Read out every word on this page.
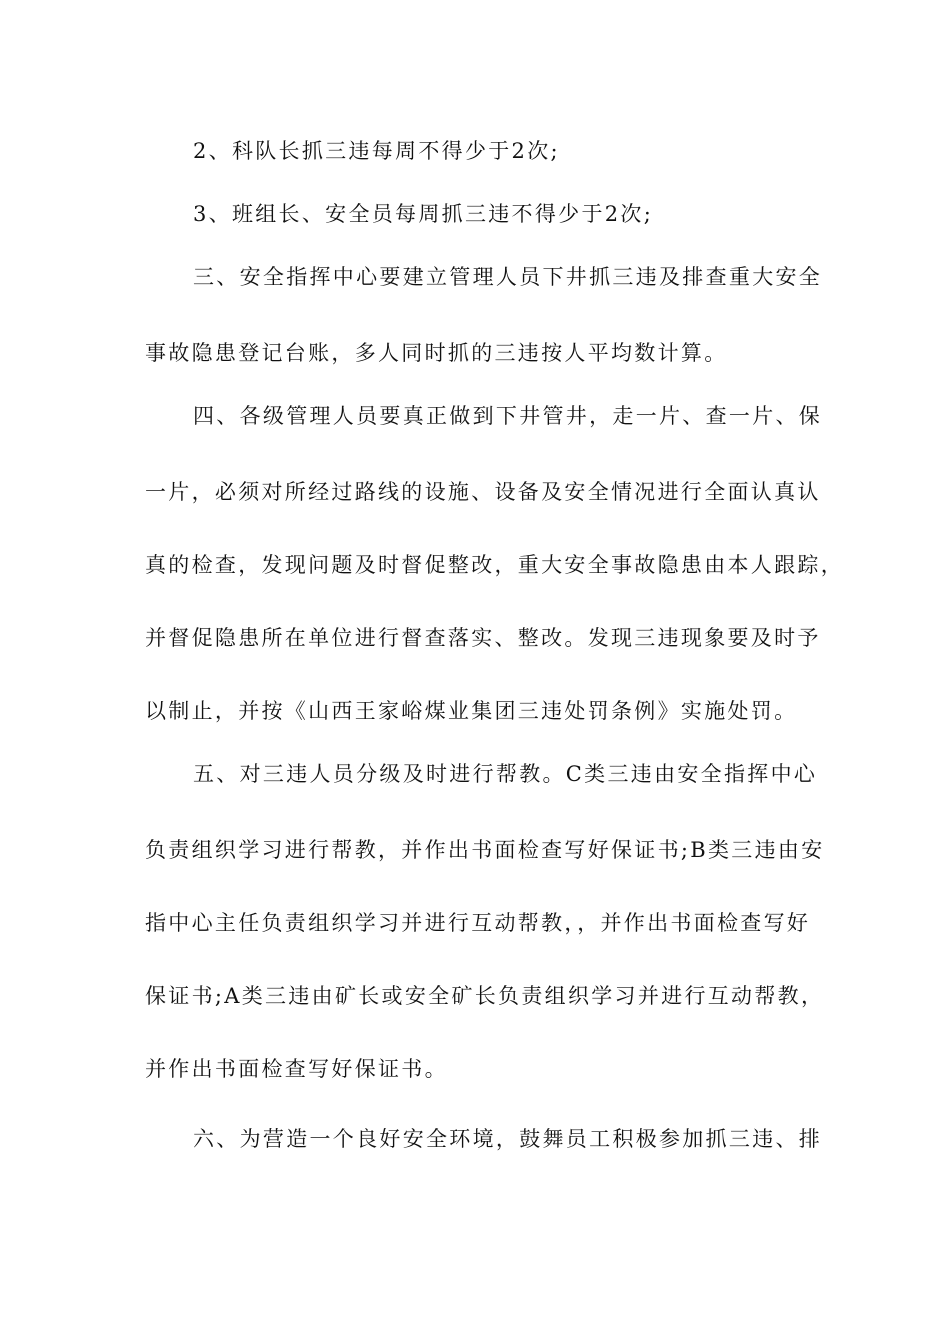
2、科队长抓三违每周不得少于2次;
3、班组长、安全员每周抓三违不得少于2次;
三、安全指挥中心要建立管理人员下井抓三违及排查重大安全
事故隐患登记台账，多人同时抓的三违按人平均数计算。
四、各级管理人员要真正做到下井管井，走一片、查一片、保
一片，必须对所经过路线的设施、设备及安全情况进行全面认真认
真的检查，发现问题及时督促整改，重大安全事故隐患由本人跟踪，
并督促隐患所在单位进行督查落实、整改。发现三违现象要及时予
以制止，并按《山西王家峪煤业集团三违处罚条例》实施处罚。
五、对三违人员分级及时进行帮教。C类三违由安全指挥中心
负责组织学习进行帮教，并作出书面检查写好保证书;B类三违由安
指中心主任负责组织学习并进行互动帮教，，并作出书面检查写好
保证书;A类三违由矿长或安全矿长负责组织学习并进行互动帮教，
并作出书面检查写好保证书。
六、为营造一个良好安全环境，鼓舞员工积极参加抓三违、排
